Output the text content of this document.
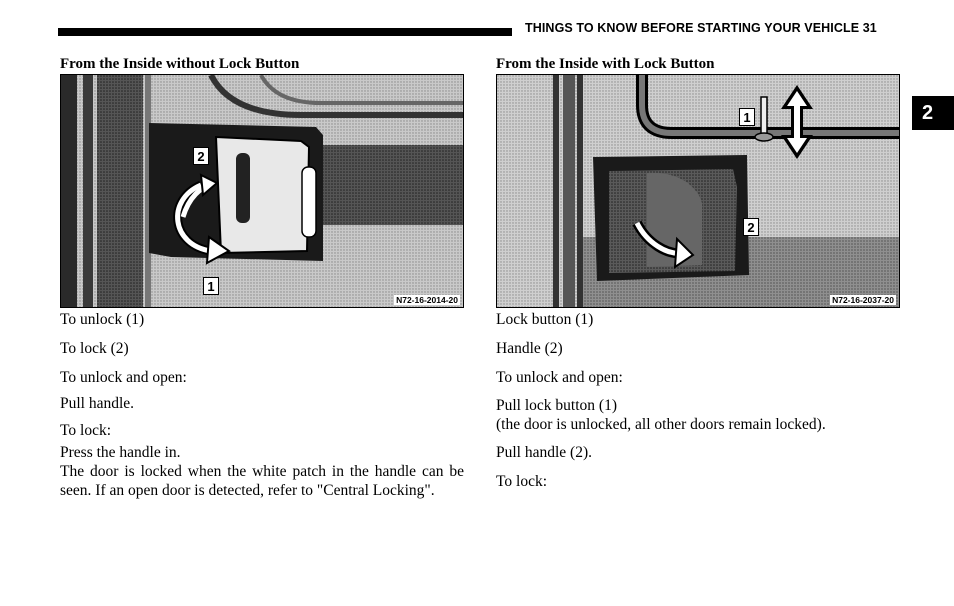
THINGS TO KNOW BEFORE STARTING YOUR VEHICLE 31
2
From the Inside without Lock Button
2
1
N72-16-2014-20
To unlock (1)
To lock (2)
To unlock and open:
Pull handle.
To lock:
Press the handle in.
The door is locked when the white patch in the handle can be seen. If an open door is detected, refer to "Central Locking".
From the Inside with Lock Button
1
2
N72-16-2037-20
Lock button (1)
Handle (2)
To unlock and open:
Pull lock button (1)
(the door is unlocked, all other doors remain locked).
Pull handle (2).
To lock:
